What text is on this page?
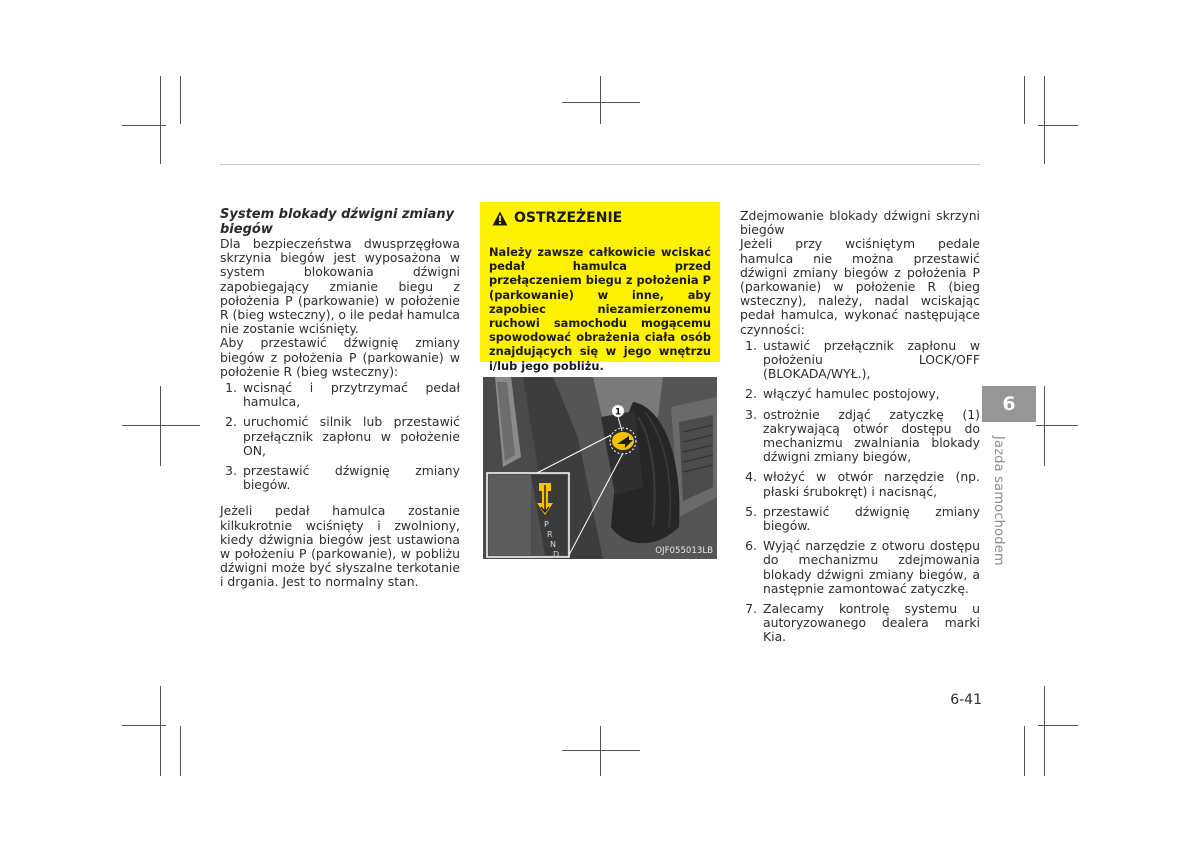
System blokady dźwigni zmiany biegów

Dla bezpieczeństwa dwusprzęgłowa skrzynia biegów jest wyposażona w system blokowania dźwigni zapobiegający zmianie biegu z położenia P (parkowanie) w położenie R (bieg wsteczny), o ile pedał hamulca nie zostanie wciśnięty.

Aby przestawić dźwignię zmiany biegów z położenia P (parkowanie) w położenie R (bieg wsteczny):

1. wcisnąć i przytrzymać pedał hamulca,
2. uruchomić silnik lub przestawić przełącznik zapłonu w położenie ON,
3. przestawić dźwignię zmiany biegów.

Jeżeli pedał hamulca zostanie kilkukrotnie wciśnięty i zwolniony, kiedy dźwignia biegów jest ustawiona w położeniu P (parkowanie), w pobliżu dźwigni może być słyszalne terkotanie i drgania. Jest to normalny stan.

OSTRZEŻENIE
Należy zawsze całkowicie wciskać pedał hamulca przed przełączeniem biegu z położenia P (parkowanie) w inne, aby zapobiec niezamierzonemu ruchowi samochodu mogącemu spowodować obrażenia ciała osób znajdujących się w jego wnętrzu i/lub jego pobliżu.
1
P
R
N
D	OJF055013LB

Zdejmowanie blokady dźwigni skrzyni biegów

Jeżeli przy wciśniętym pedale hamulca nie można przestawić dźwigni zmiany biegów z położenia P (parkowanie) w położenie R (bieg wsteczny), należy, nadal wciskając pedał hamulca, wykonać następujące czynności:

1. ustawić przełącznik zapłonu w położeniu LOCK/OFF (BLOKADA/WYŁ.),
2. włączyć hamulec postojowy,
3. ostrożnie zdjąć zatyczkę (1) zakrywającą otwór dostępu do mechanizmu zwalniania blokady dźwigni zmiany biegów,
4. włożyć w otwór narzędzie (np. płaski śrubokręt) i nacisnąć,
5. przestawić dźwignię zmiany biegów.
6. Wyjąć narzędzie z otworu dostępu do mechanizmu zdejmowania blokady dźwigni zmiany biegów, a następnie zamontować zatyczkę.
7. Zalecamy kontrolę systemu u autoryzowanego dealera marki Kia.
6
Jazda samochodem
6-41
